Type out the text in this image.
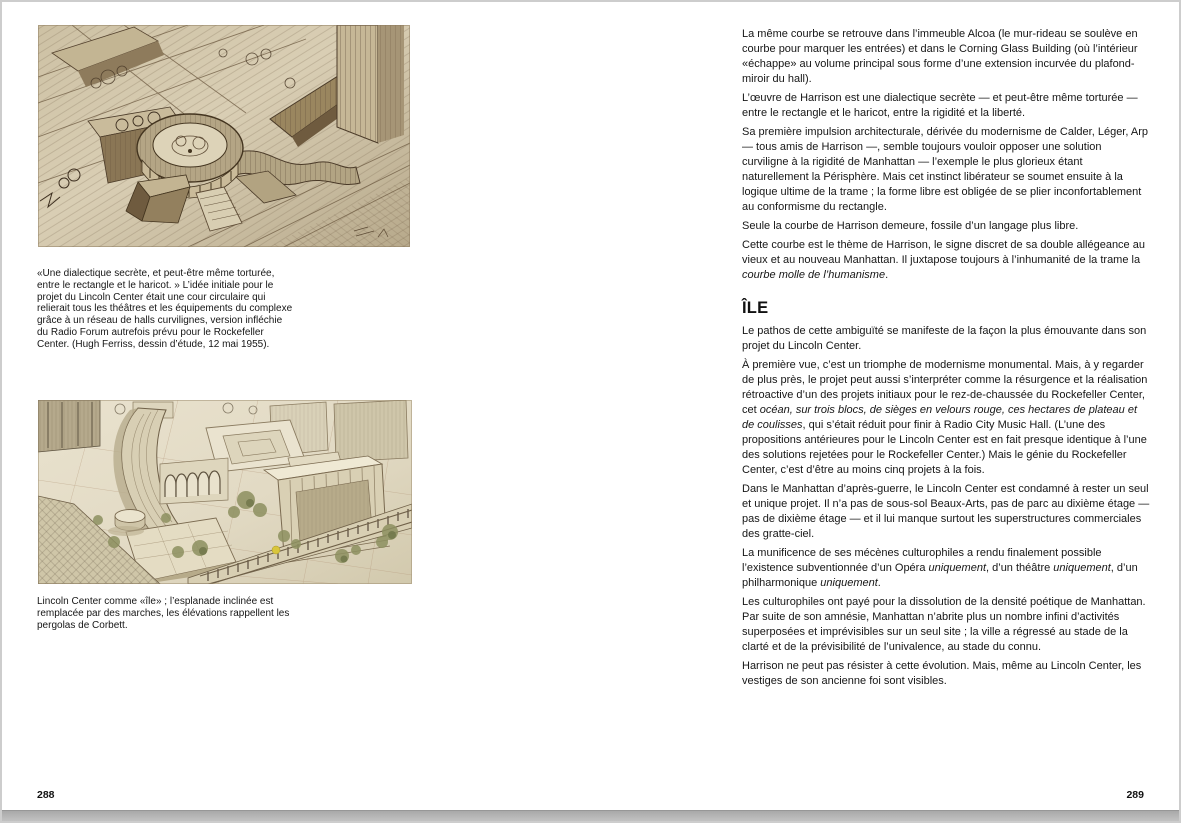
«Une dialectique secrète, et peut-être même torturée, entre le rectangle et le haricot. » L’idée initiale pour le projet du Lincoln Center était une cour circulaire qui relierait tous les théâtres et les équipements du complexe grâce à un réseau de halls curvilignes, version infléchie du Radio Forum autrefois prévu pour le Rockefeller Center. (Hugh Ferriss, dessin d’étude, 12 mai 1955).

Lincoln Center comme «île» ; l’esplanade inclinée est remplacée par des marches, les élévations rappellent les pergolas de Corbett.

288

La même courbe se retrouve dans l’immeuble Alcoa (le mur-rideau se soulève en courbe pour marquer les entrées) et dans le Corning Glass Building (où l’intérieur «échappe» au volume principal sous forme d’une extension incurvée du plafond-miroir du hall).

L’œuvre de Harrison est une dialectique secrète — et peut-être même torturée — entre le rectangle et le haricot, entre la rigidité et la liberté.

Sa première impulsion architecturale, dérivée du modernisme de Calder, Léger, Arp — tous amis de Harrison —, semble toujours vouloir opposer une solution curviligne à la rigidité de Manhattan — l’exemple le plus glorieux étant naturellement la Périsphère. Mais cet instinct libérateur se soumet ensuite à la logique ultime de la trame ; la forme libre est obligée de se plier inconfortablement au conformisme du rectangle.

Seule la courbe de Harrison demeure, fossile d’un langage plus libre.

Cette courbe est le thème de Harrison, le signe discret de sa double allégeance au vieux et au nouveau Manhattan. Il juxtapose toujours à l’inhumanité de la trame la courbe molle de l’humanisme.

ÎLE

Le pathos de cette ambiguïté se manifeste de la façon la plus émouvante dans son projet du Lincoln Center.

À première vue, c’est un triomphe de modernisme monumental. Mais, à y regarder de plus près, le projet peut aussi s’interpréter comme la résurgence et la réalisation rétroactive d’un des projets initiaux pour le rez-de-chaussée du Rockefeller Center, cet océan, sur trois blocs, de sièges en velours rouge, ces hectares de plateau et de coulisses, qui s’était réduit pour finir à Radio City Music Hall. (L’une des propositions antérieures pour le Lincoln Center est en fait presque identique à l’une des solutions rejetées pour le Rockefeller Center.) Mais le génie du Rockefeller Center, c’est d’être au moins cinq projets à la fois.

Dans le Manhattan d’après-guerre, le Lincoln Center est condamné à rester un seul et unique projet. Il n’a pas de sous-sol Beaux-Arts, pas de parc au dixième étage — pas de dixième étage — et il lui manque surtout les superstructures commerciales des gratte-ciel.

La munificence de ses mécènes culturophiles a rendu finalement possible l’existence subventionnée d’un Opéra uniquement, d’un théâtre uniquement, d’un philharmonique uniquement.

Les culturophiles ont payé pour la dissolution de la densité poétique de Manhattan. Par suite de son amnésie, Manhattan n’abrite plus un nombre infini d’activités superposées et imprévisibles sur un seul site ; la ville a régressé au stade de la clarté et de la prévisibilité de l’univalence, au stade du connu.

Harrison ne peut pas résister à cette évolution. Mais, même au Lincoln Center, les vestiges de son ancienne foi sont visibles.

289
